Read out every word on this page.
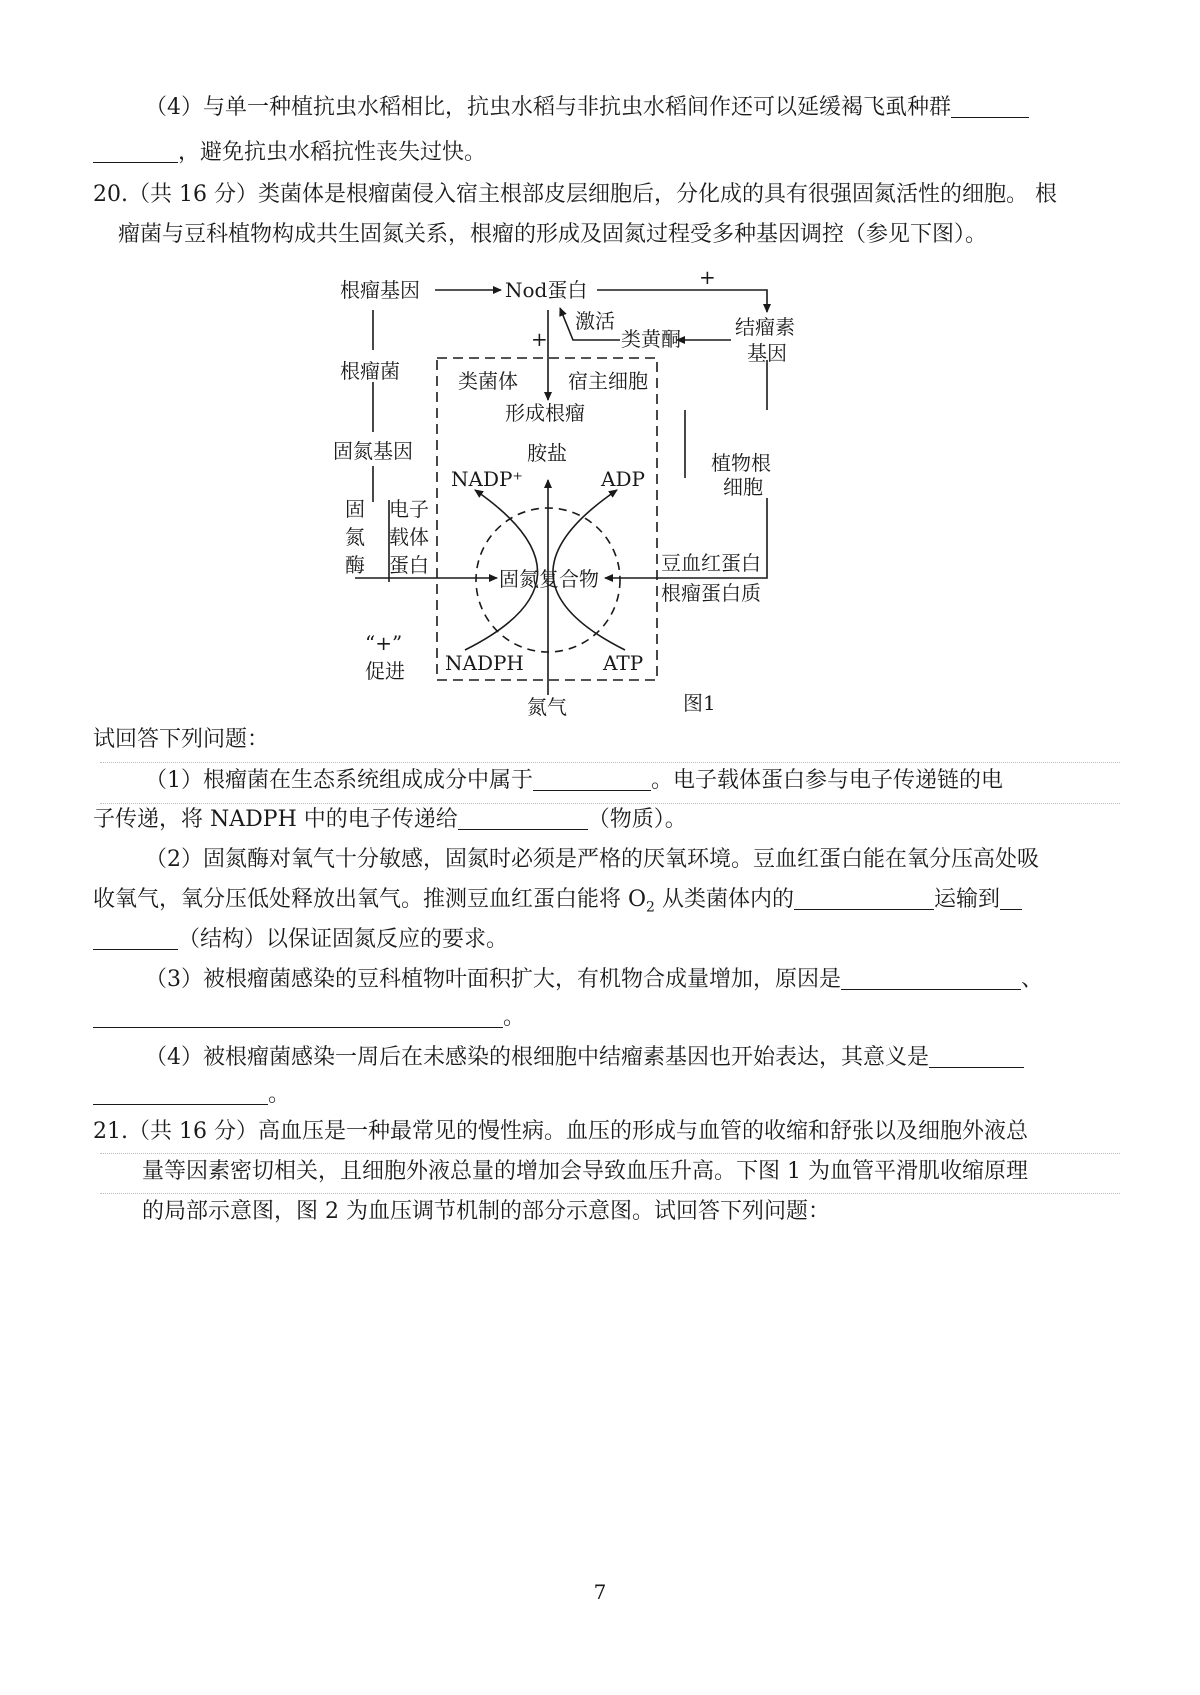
（4）与单一种植抗虫水稻相比，抗虫水稻与非抗虫水稻间作还可以延缓褐飞虱种群
，避免抗虫水稻抗性丧失过快。
20.（共 16 分）类菌体是根瘤菌侵入宿主根部皮层细胞后，分化成的具有很强固氮活性的细胞。 根
瘤菌与豆科植物构成共生固氮关系，根瘤的形成及固氮过程受多种基因调控（参见下图）。
根瘤基因	Nod蛋白
+
激活
类黄酮	结瘤素
基因
+
根瘤菌	类菌体	宿主细胞
形成根瘤
固氮基因	胺盐
NADP⁺	ADP
植物根
细胞
固
氮
酶
电子
载体
蛋白
固氮复合物
豆血红蛋白
根瘤蛋白质
“+”
促进 NADPH	ATP
氮气	图1
试回答下列问题：
（1）根瘤菌在生态系统组成成分中属于	。电子载体蛋白参与电子传递链的电
子传递，将 NADPH 中的电子传递给	（物质）。
（2）固氮酶对氧气十分敏感，固氮时必须是严格的厌氧环境。豆血红蛋白能在氧分压高处吸
收氧气，氧分压低处释放出氧气。推测豆血红蛋白能将 $O_2$ 从类菌体内的	运输到
（结构）以保证固氮反应的要求。
（3）被根瘤菌感染的豆科植物叶面积扩大，有机物合成量增加，原因是	、
。
（4）被根瘤菌感染一周后在未感染的根细胞中结瘤素基因也开始表达，其意义是
。
21.（共 16 分）高血压是一种最常见的慢性病。血压的形成与血管的收缩和舒张以及细胞外液总
量等因素密切相关，且细胞外液总量的增加会导致血压升高。下图 1 为血管平滑肌收缩原理
的局部示意图，图 2 为血压调节机制的部分示意图。试回答下列问题：
7
